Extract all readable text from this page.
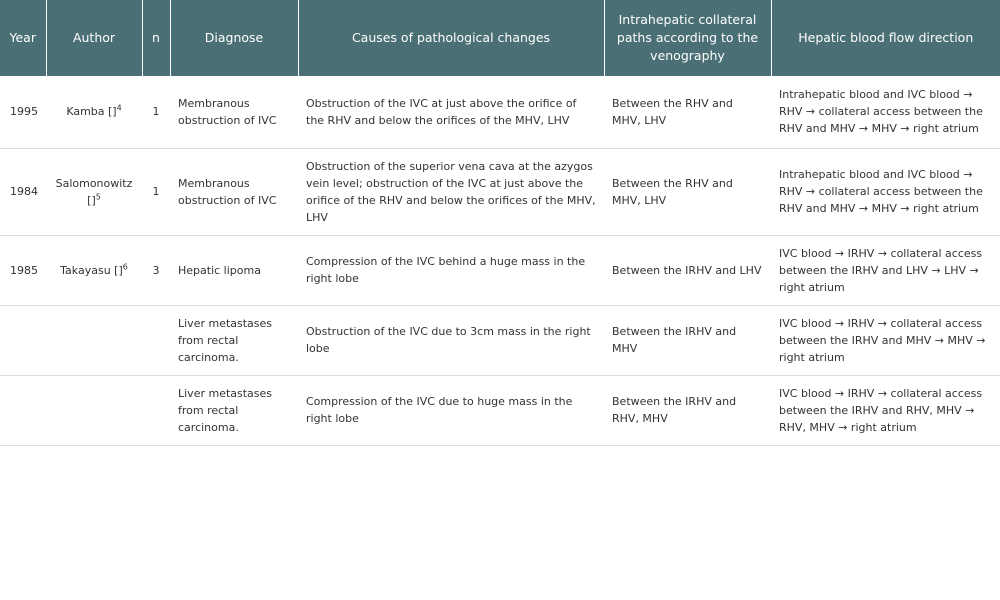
Year	Author	n	Diagnose	Causes of pathological changes	Intrahepatic collateral paths according to the venography	Hepatic blood flow direction
1995	Kamba []$^4$	1	Membranous obstruction of IVC	Obstruction of the IVC at just above the orifice of the RHV and below the orifices of the MHV, LHV	Between the RHV and MHV, LHV	Intrahepatic blood and IVC blood → RHV → collateral access between the RHV and MHV → MHV → right atrium
1984	Salomonowitz []$^5$	1	Membranous obstruction of IVC	Obstruction of the superior vena cava at the azygos vein level; obstruction of the IVC at just above the orifice of the RHV and below the orifices of the MHV, LHV	Between the RHV and MHV, LHV	Intrahepatic blood and IVC blood → RHV → collateral access between the RHV and MHV → MHV → right atrium
1985	Takayasu []$^6$	3	Hepatic lipoma	Compression of the IVC behind a huge mass in the right lobe	Between the IRHV and LHV	IVC blood → IRHV → collateral access between the IRHV and LHV → LHV → right atrium
			Liver metastases from rectal carcinoma.	Obstruction of the IVC due to 3cm mass in the right lobe	Between the IRHV and MHV	IVC blood → IRHV → collateral access between the IRHV and MHV → MHV → right atrium
			Liver metastases from rectal carcinoma.	Compression of the IVC due to huge mass in the right lobe	Between the IRHV and RHV, MHV	IVC blood → IRHV → collateral access between the IRHV and RHV, MHV → RHV, MHV → right atrium
